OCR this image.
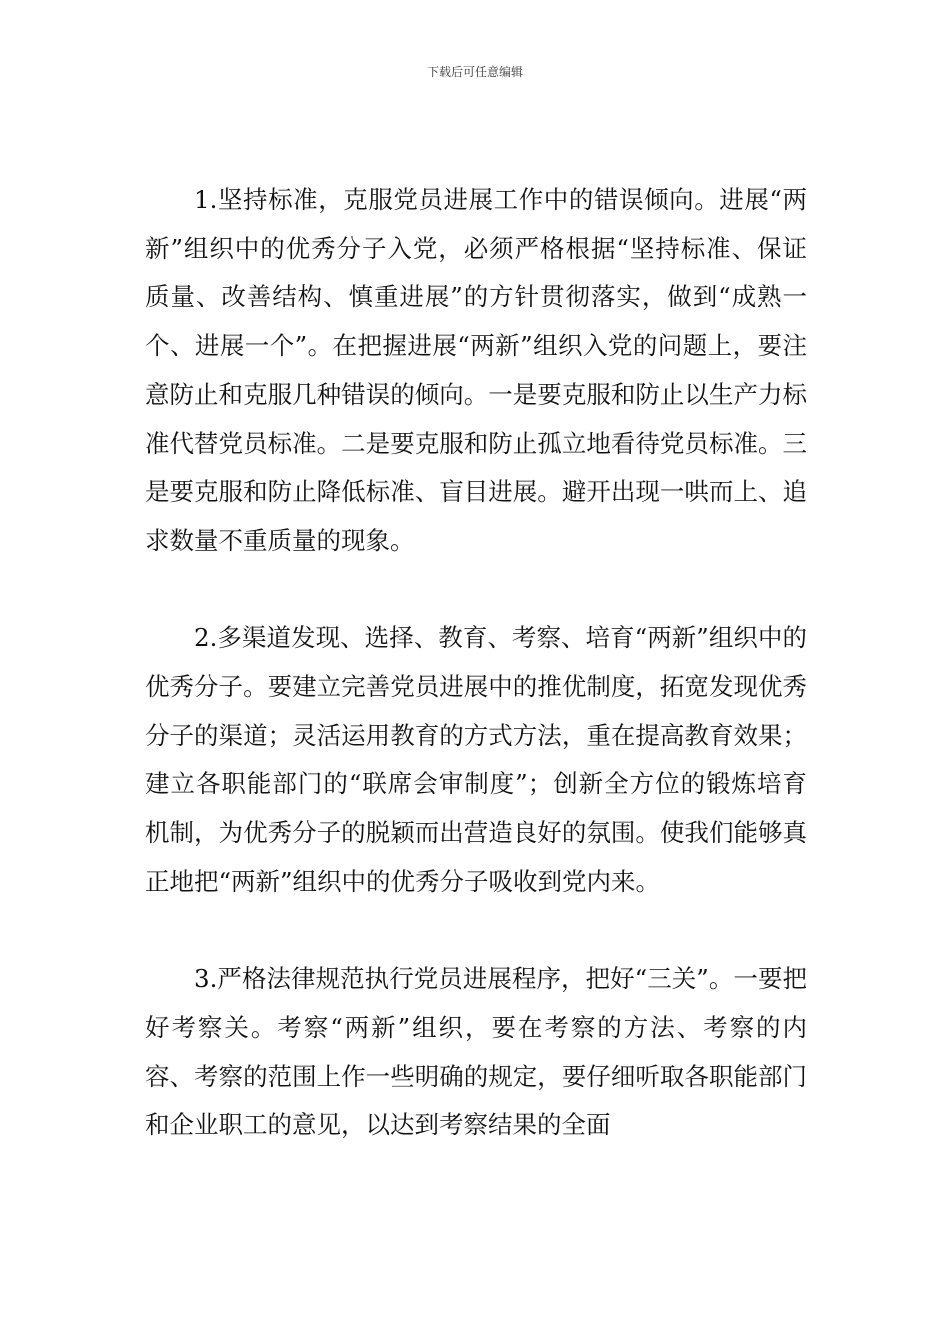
下载后可任意编辑

1.坚持标准，克服党员进展工作中的错误倾向。进展“两新”组织中的优秀分子入党，必须严格根据“坚持标准、保证质量、改善结构、慎重进展”的方针贯彻落实，做到“成熟一个、进展一个”。在把握进展“两新”组织入党的问题上，要注意防止和克服几种错误的倾向。一是要克服和防止以生产力标准代替党员标准。二是要克服和防止孤立地看待党员标准。三是要克服和防止降低标准、盲目进展。避开出现一哄而上、追求数量不重质量的现象。

2.多渠道发现、选择、教育、考察、培育“两新”组织中的优秀分子。要建立完善党员进展中的推优制度，拓宽发现优秀分子的渠道；灵活运用教育的方式方法，重在提高教育效果；建立各职能部门的“联席会审制度”；创新全方位的锻炼培育机制，为优秀分子的脱颖而出营造良好的氛围。使我们能够真正地把“两新”组织中的优秀分子吸收到党内来。

3.严格法律规范执行党员进展程序，把好“三关”。一要把好考察关。考察“两新”组织，要在考察的方法、考察的内容、考察的范围上作一些明确的规定，要仔细听取各职能部门和企业职工的意见，以达到考察结果的全面
